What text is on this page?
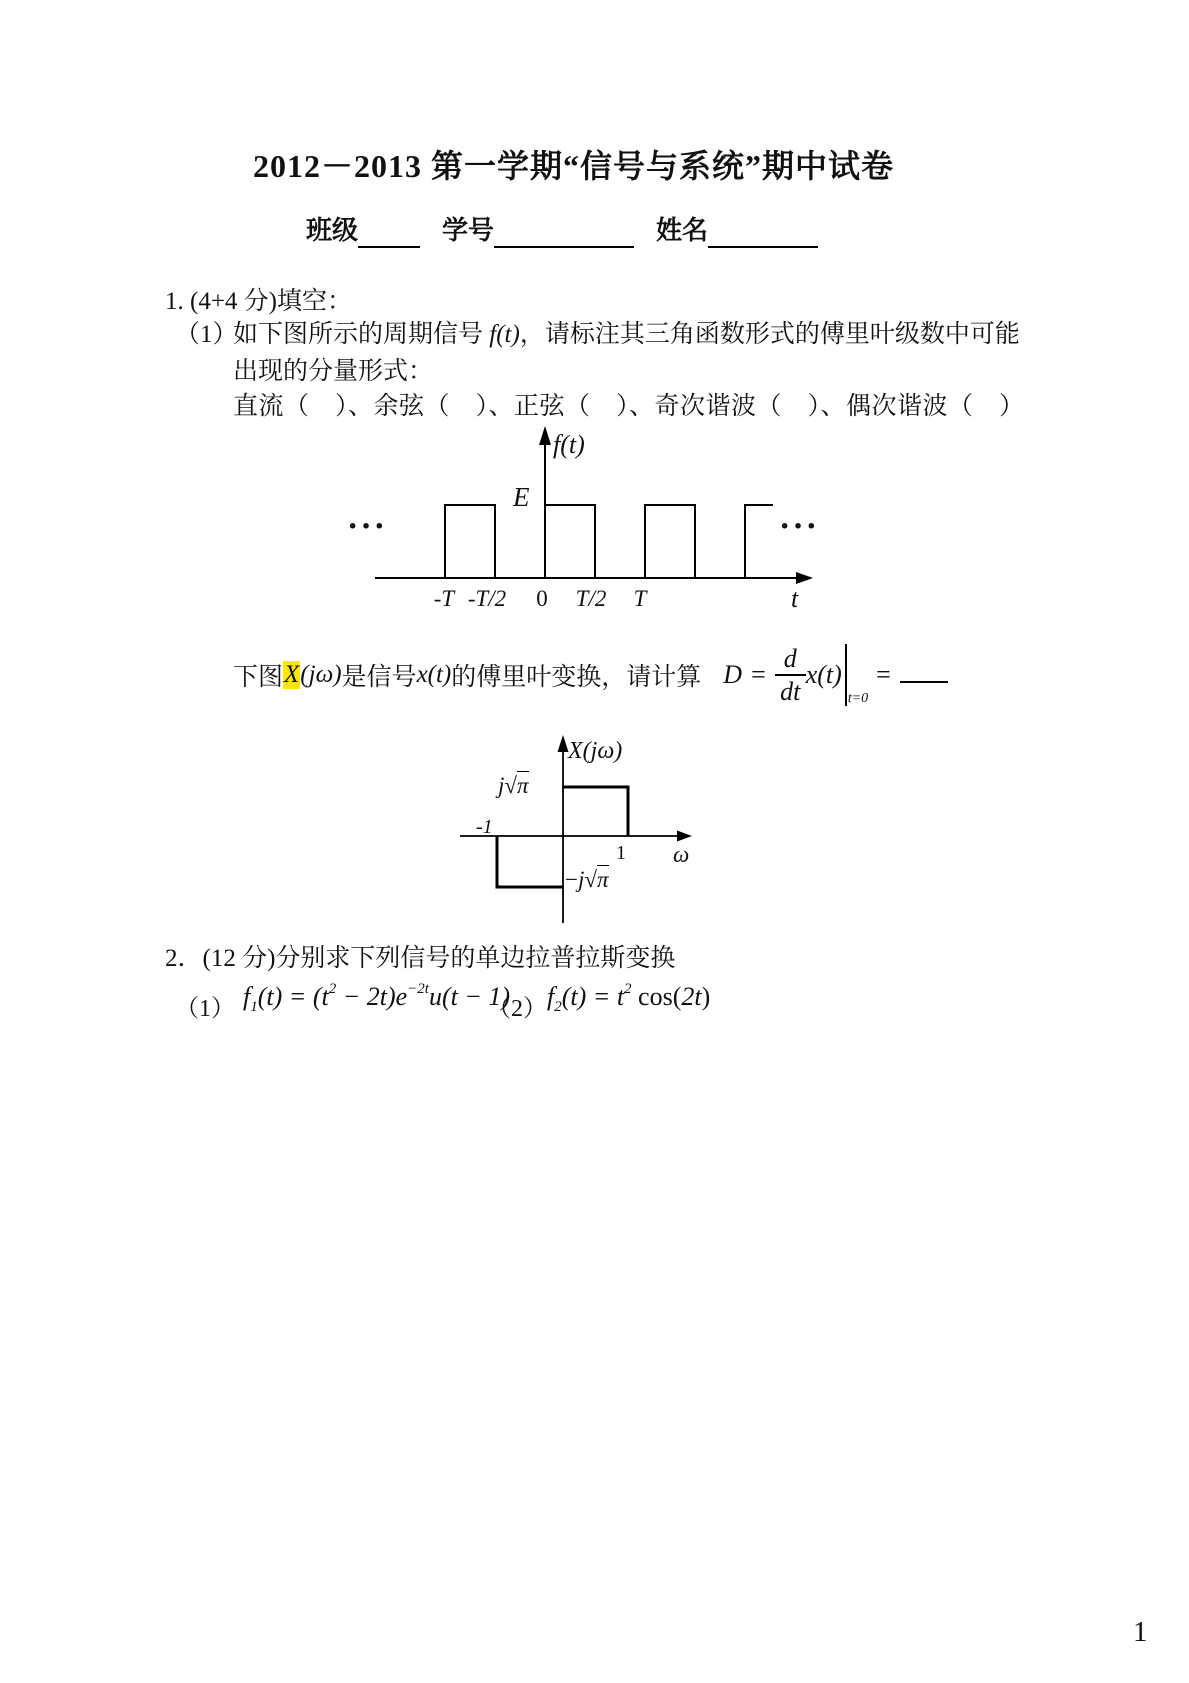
2012－2013 第一学期“信号与系统”期中试卷
班级	学号	姓名
1. (4+4 分)填空：
（1）
如下图所示的周期信号 f(t)，请标注其三角函数形式的傅里叶级数中可能
出现的分量形式：
直流（　）、余弦（　）、正弦（　）、奇次谐波（　）、偶次谐波（　）
f(t)
E
···	···
-T -T/2	0	T/2	T	t
下图 X (jω) 是信号 x(t) 的傅里叶变换，请计算 $D = \frac{d}{dt} x(t)$
t=0
=
X(jω)
j√π
−j√π
-1
1 ω
2．(12 分)分别求下列信号的单边拉普拉斯变换
（1） $f_1(t) = (t^2 - 2t)e^{-2t}u(t - 1)$
（2） $f_2(t) = t^2$ cos(2t)
1
